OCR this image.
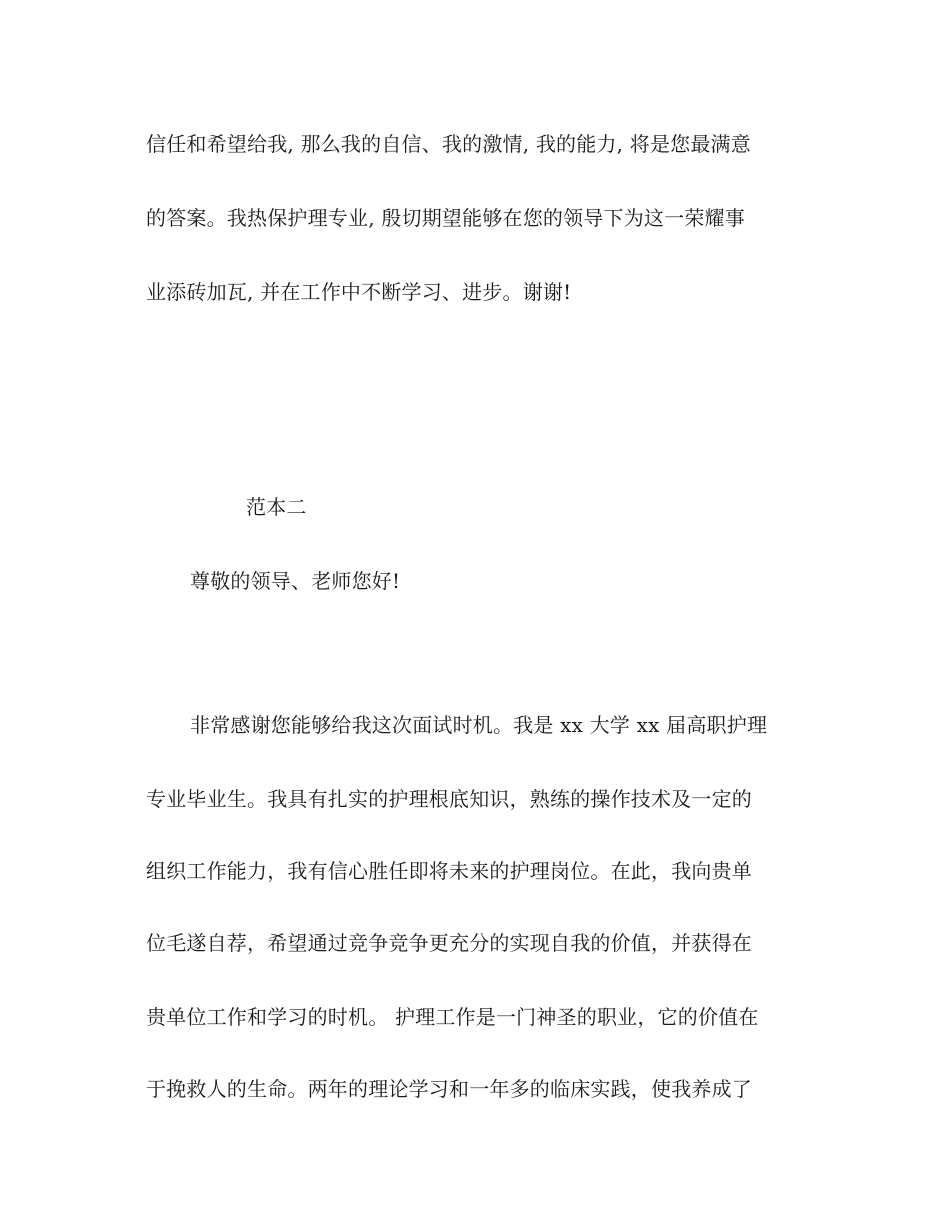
信任和希望给我, 那么我的自信、我的激情, 我的能力, 将是您最满意
的答案。我热保护理专业, 殷切期望能够在您的领导下为这一荣耀事
业添砖加瓦, 并在工作中不断学习、进步。谢谢!
范本二
尊敬的领导、老师您好!
非常感谢您能够给我这次面试时机。我是 xx 大学 xx 届高职护理
专业毕业生。我具有扎实的护理根底知识，熟练的操作技术及一定的
组织工作能力，我有信心胜任即将未来的护理岗位。在此，我向贵单
位毛遂自荐，希望通过竞争竞争更充分的实现自我的价值，并获得在
贵单位工作和学习的时机。 护理工作是一门神圣的职业，它的价值在
于挽救人的生命。两年的理论学习和一年多的临床实践，使我养成了
